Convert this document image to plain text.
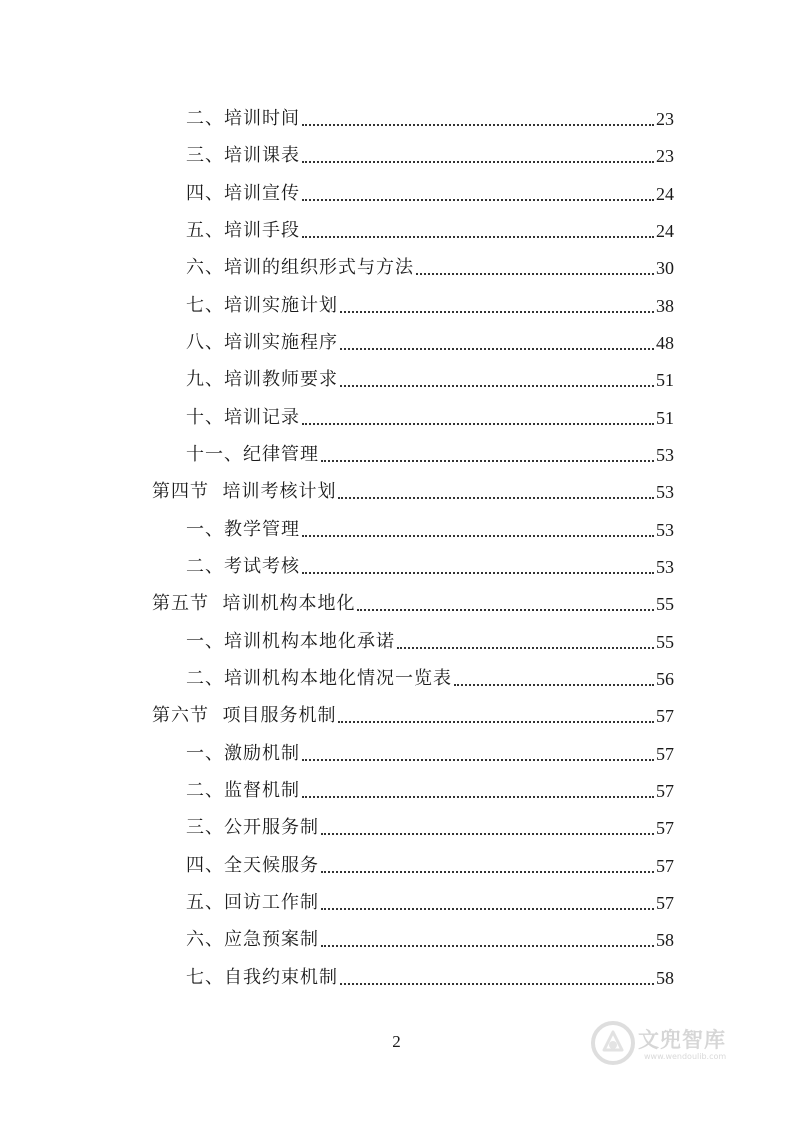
二、培训时间	23
三、培训课表	23
四、培训宣传	24
五、培训手段	24
六、培训的组织形式与方法	30
七、培训实施计划	38
八、培训实施程序	48
九、培训教师要求	51
十、培训记录	51
十一、纪律管理	53
第四节  培训考核计划	53
一、教学管理	53
二、考试考核	53
第五节  培训机构本地化	55
一、培训机构本地化承诺	55
二、培训机构本地化情况一览表	56
第六节  项目服务机制	57
一、激励机制	57
二、监督机制	57
三、公开服务制	57
四、全天候服务	57
五、回访工作制	57
六、应急预案制	58
七、自我约束机制	58
2	文兜智库
www.wendoulib.com
